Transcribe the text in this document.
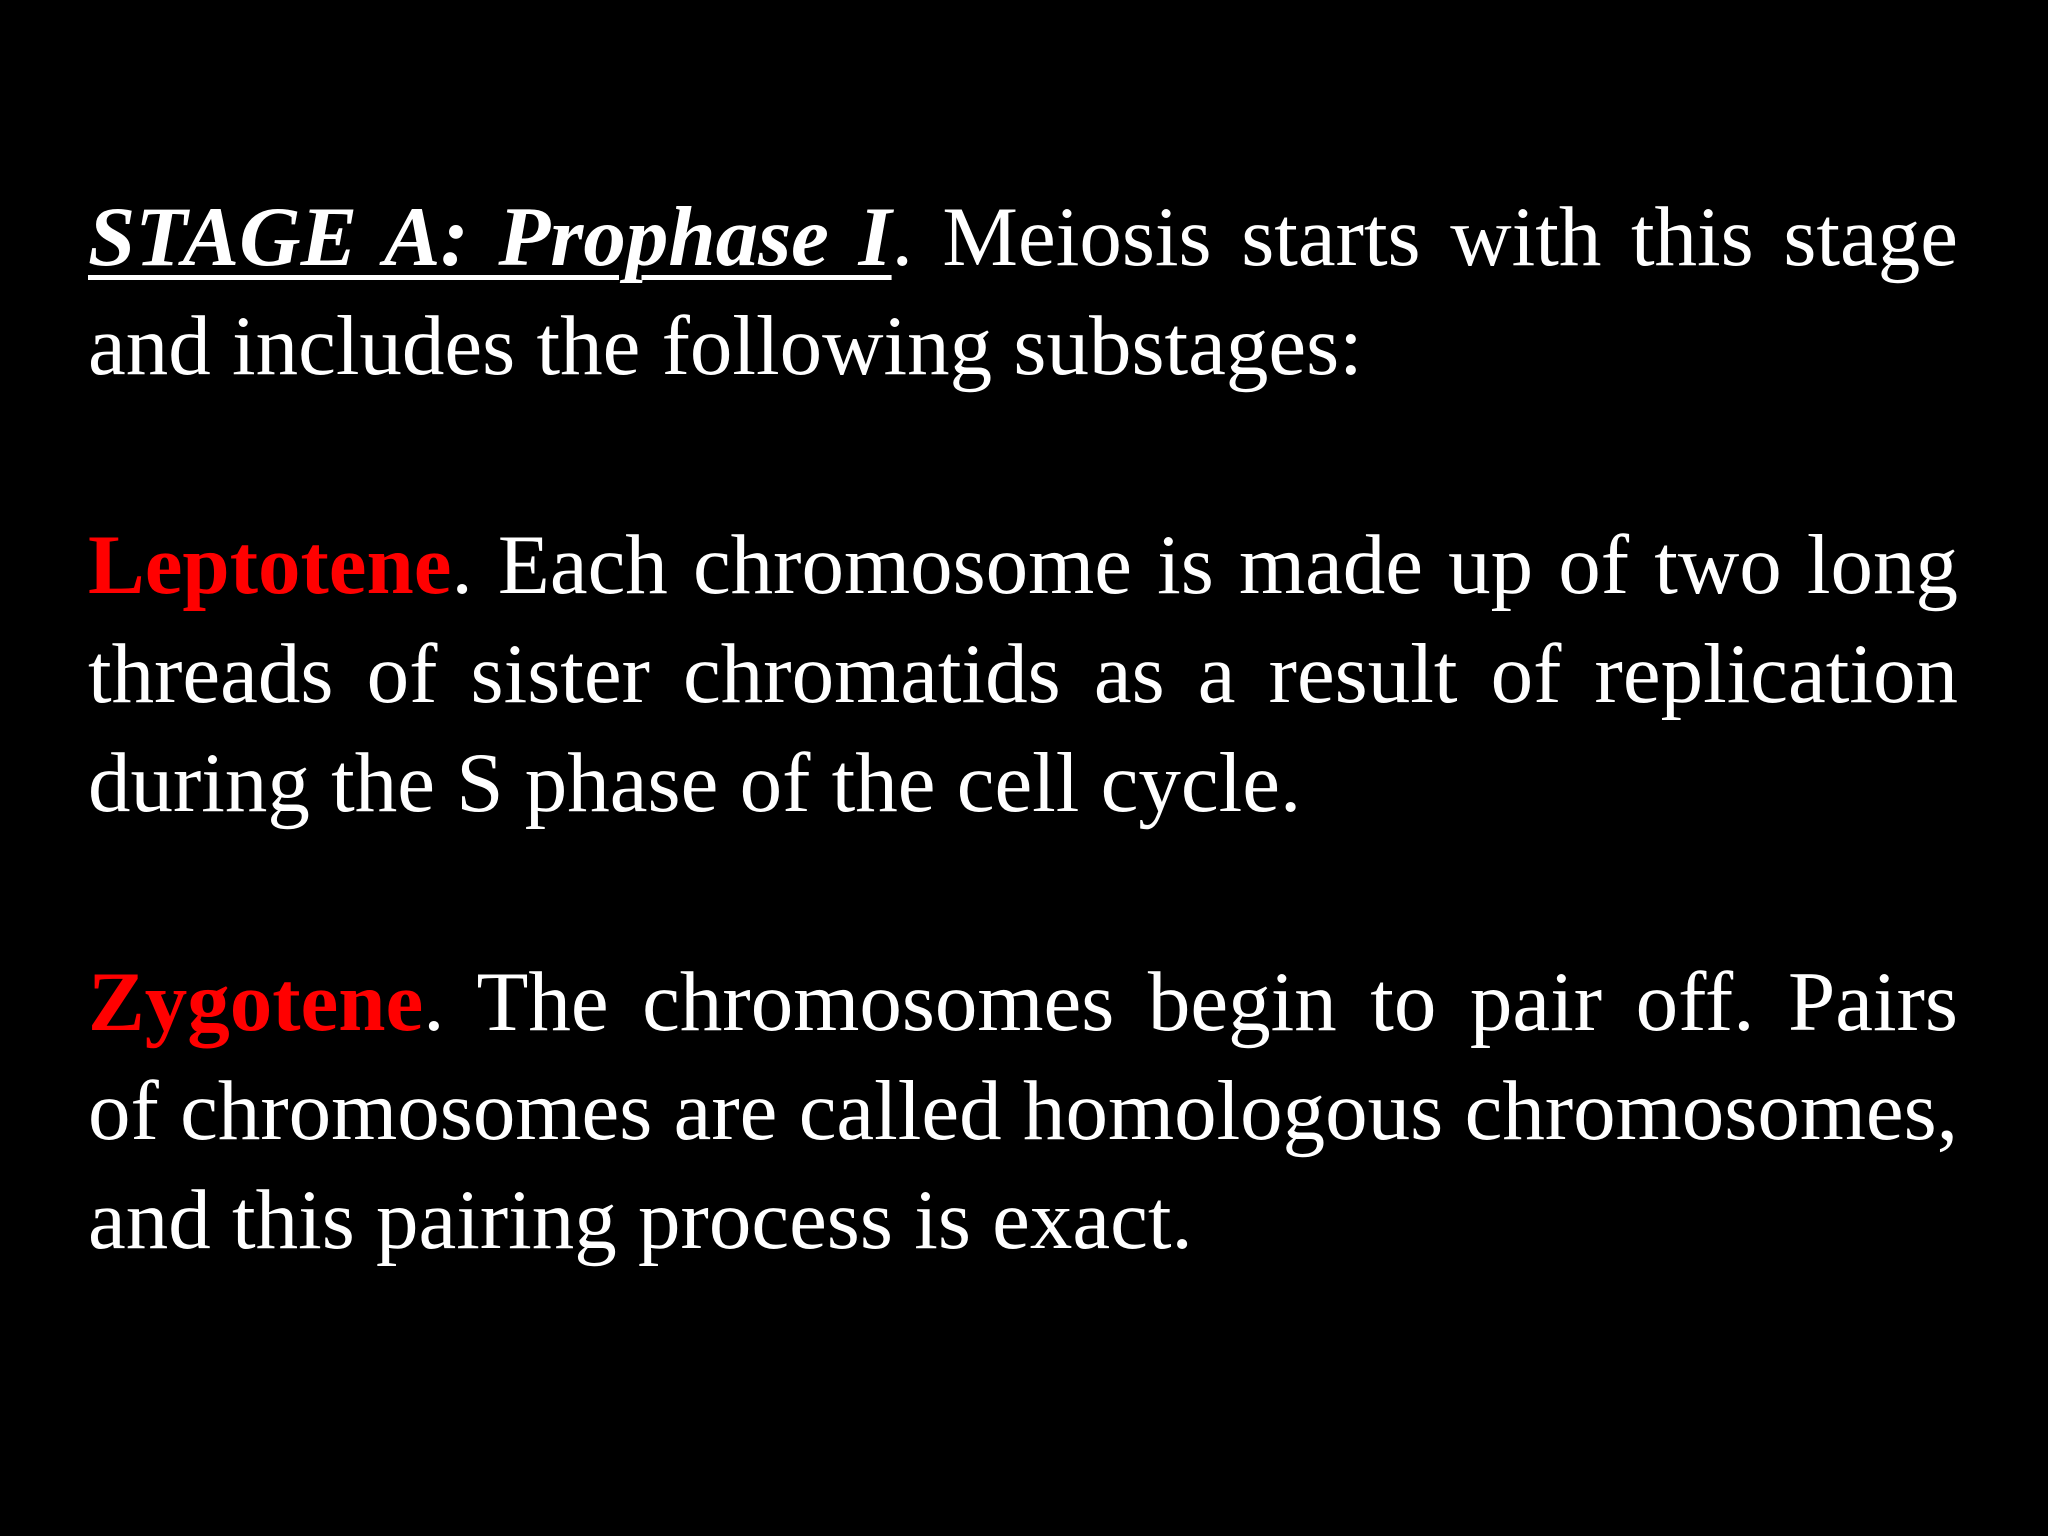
STAGE A: Prophase I. Meiosis starts with this stage and includes the following substages:

Leptotene. Each chromosome is made up of two long threads of sister chromatids as a result of replication during the S phase of the cell cycle.

Zygotene. The chromosomes begin to pair off. Pairs of chromosomes are called homologous chromosomes, and this pairing process is exact.
